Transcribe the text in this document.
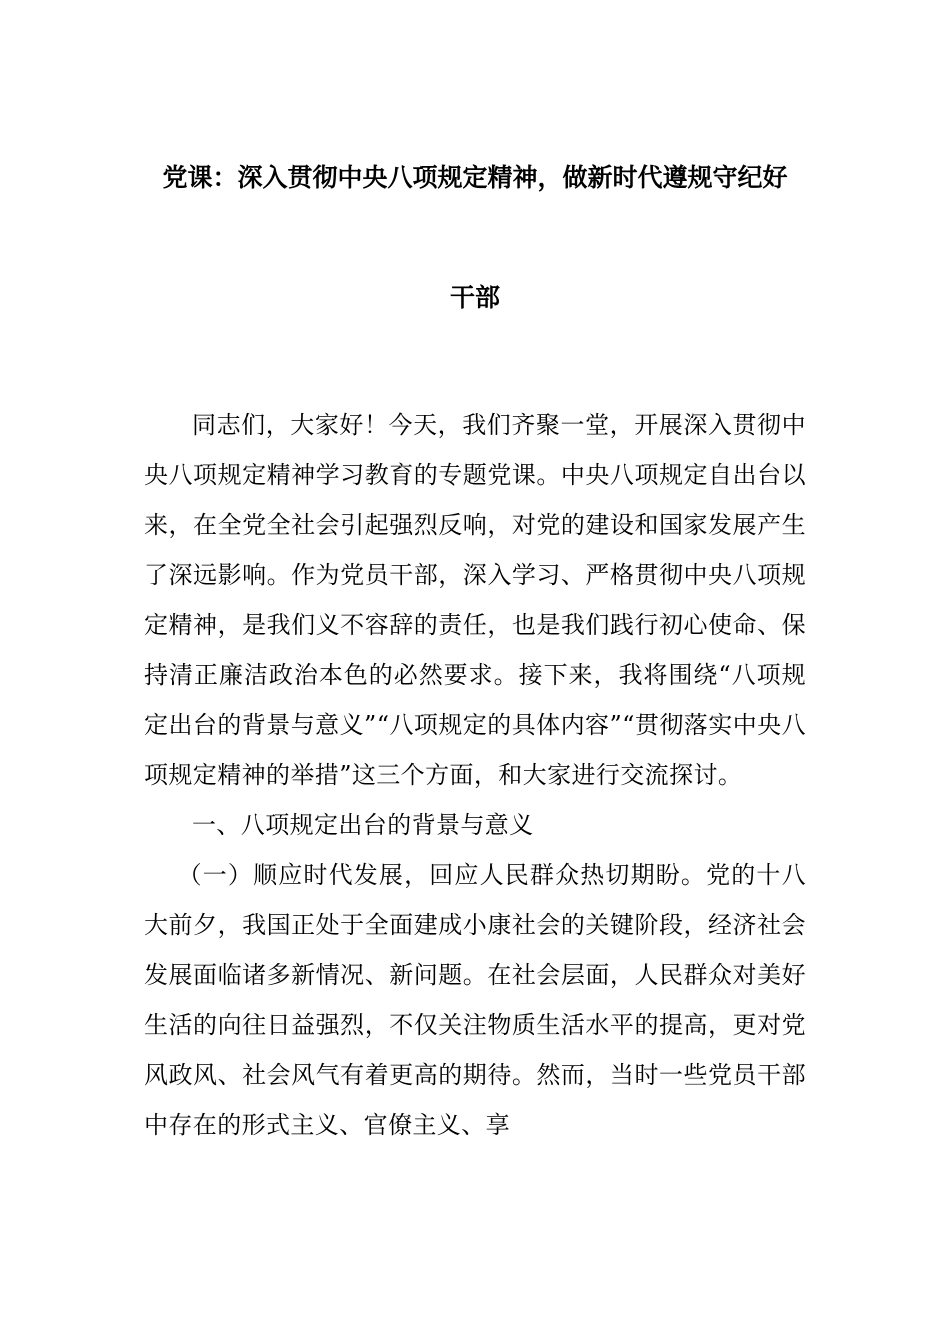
党课：深入贯彻中央八项规定精神，做新时代遵规守纪好
干部

同志们，大家好！今天，我们齐聚一堂，开展深入贯彻中央八项规定精神学习教育的专题党课。中央八项规定自出台以来，在全党全社会引起强烈反响，对党的建设和国家发展产生了深远影响。作为党员干部，深入学习、严格贯彻中央八项规定精神，是我们义不容辞的责任，也是我们践行初心使命、保持清正廉洁政治本色的必然要求。接下来，我将围绕“八项规定出台的背景与意义”“八项规定的具体内容”“贯彻落实中央八项规定精神的举措”这三个方面，和大家进行交流探讨。

一、八项规定出台的背景与意义

（一）顺应时代发展，回应人民群众热切期盼。党的十八大前夕，我国正处于全面建成小康社会的关键阶段，经济社会发展面临诸多新情况、新问题。在社会层面，人民群众对美好生活的向往日益强烈，不仅关注物质生活水平的提高，更对党风政风、社会风气有着更高的期待。然而，当时一些党员干部中存在的形式主义、官僚主义、享
